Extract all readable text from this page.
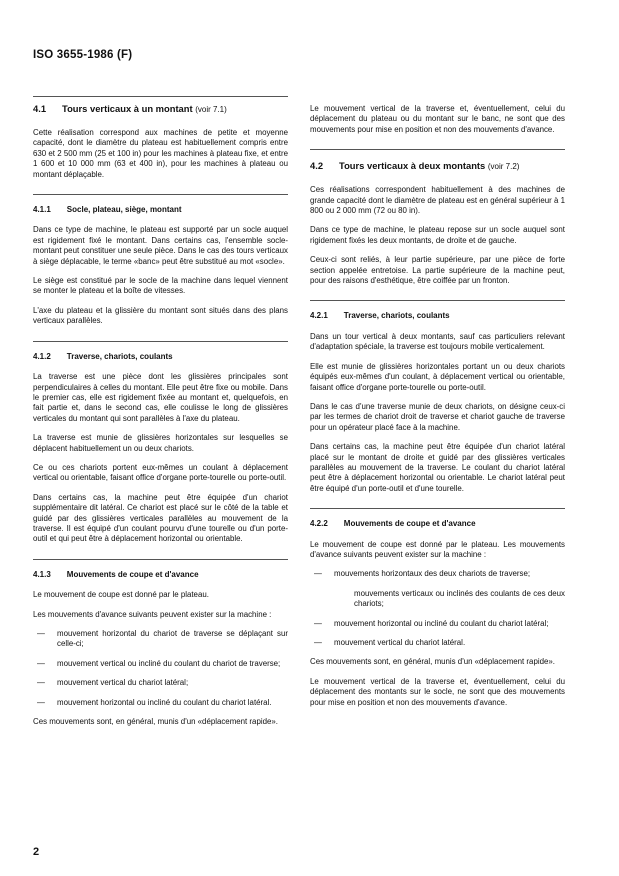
ISO 3655-1986 (F)
4.1 Tours verticaux à un montant (voir 7.1)

Cette réalisation correspond aux machines de petite et moyenne capacité, dont le diamètre du plateau est habituellement compris entre 630 et 2 500 mm (25 et 100 in) pour les machines à plateau fixe, et entre 1 600 et 10 000 mm (63 et 400 in), pour les machines à plateau ou montant déplaçable.

4.1.1 Socle, plateau, siège, montant

Dans ce type de machine, le plateau est supporté par un socle auquel est rigidement fixé le montant. Dans certains cas, l'ensemble socle-montant peut constituer une seule pièce. Dans le cas des tours verticaux à siège déplacable, le terme «banc» peut être substitué au mot «socle».

Le siège est constitué par le socle de la machine dans lequel viennent se monter le plateau et la boîte de vitesses.

L'axe du plateau et la glissière du montant sont situés dans des plans verticaux parallèles.

4.1.2 Traverse, chariots, coulants

La traverse est une pièce dont les glissières principales sont perpendiculaires à celles du montant. Elle peut être fixe ou mobile. Dans le premier cas, elle est rigidement fixée au montant et, quelquefois, en fait partie et, dans le second cas, elle coulisse le long de glissières verticales du montant qui sont parallèles à l'axe du plateau.

La traverse est munie de glissières horizontales sur lesquelles se déplacent habituellement un ou deux chariots.

Ce ou ces chariots portent eux-mêmes un coulant à déplacement vertical ou orientable, faisant office d'organe porte-tourelle ou porte-outil.

Dans certains cas, la machine peut être équipée d'un chariot supplémentaire dit latéral. Ce chariot est placé sur le côté de la table et guidé par des glissières verticales parallèles au mouvement de la traverse. Il est équipé d'un coulant pourvu d'une tourelle ou d'un porte-outil et qui peut être à déplacement horizontal ou orientable.

4.1.3 Mouvements de coupe et d'avance

Le mouvement de coupe est donné par le plateau.

Les mouvements d'avance suivants peuvent exister sur la machine :

—	mouvement horizontal du chariot de traverse se déplaçant sur celle-ci;
—	mouvement vertical ou incliné du coulant du chariot de traverse;
—	mouvement vertical du chariot latéral;
—	mouvement horizontal ou incliné du coulant du chariot latéral.

Ces mouvements sont, en général, munis d'un «déplacement rapide».

Le mouvement vertical de la traverse et, éventuellement, celui du déplacement du plateau ou du montant sur le banc, ne sont que des mouvements pour mise en position et non des mouvements d'avance.

4.2 Tours verticaux à deux montants (voir 7.2)

Ces réalisations correspondent habituellement à des machines de grande capacité dont le diamètre de plateau est en général supérieur à 1 800 ou 2 000 mm (72 ou 80 in).

Dans ce type de machine, le plateau repose sur un socle auquel sont rigidement fixés les deux montants, de droite et de gauche.

Ceux-ci sont reliés, à leur partie supérieure, par une pièce de forte section appelée entretoise. La partie supérieure de la machine peut, pour des raisons d'esthétique, être coiffée par un fronton.

4.2.1 Traverse, chariots, coulants

Dans un tour vertical à deux montants, sauf cas particuliers relevant d'adaptation spéciale, la traverse est toujours mobile verticalement.

Elle est munie de glissières horizontales portant un ou deux chariots équipés eux-mêmes d'un coulant, à déplacement vertical ou orientable, faisant office d'organe porte-tourelle ou porte-outil.

Dans le cas d'une traverse munie de deux chariots, on désigne ceux-ci par les termes de chariot droit de traverse et chariot gauche de traverse pour un opérateur placé face à la machine.

Dans certains cas, la machine peut être équipée d'un chariot latéral placé sur le montant de droite et guidé par des glissières verticales parallèles au mouvement de la traverse. Le coulant du chariot latéral peut être à déplacement horizontal ou orientable. Le chariot latéral peut être équipé d'un porte-outil et d'une tourelle.

4.2.2 Mouvements de coupe et d'avance

Le mouvement de coupe est donné par le plateau. Les mouvements d'avance suivants peuvent exister sur la machine :

—	mouvements horizontaux des deux chariots de traverse;
mouvements verticaux ou inclinés des coulants de ces deux chariots;
—	mouvement horizontal ou incliné du coulant du chariot latéral;
—	mouvement vertical du chariot latéral.

Ces mouvements sont, en général, munis d'un «déplacement rapide».

Le mouvement vertical de la traverse et, éventuellement, celui du déplacement des montants sur le socle, ne sont que des mouvements pour mise en position et non des mouvements d'avance.

2
